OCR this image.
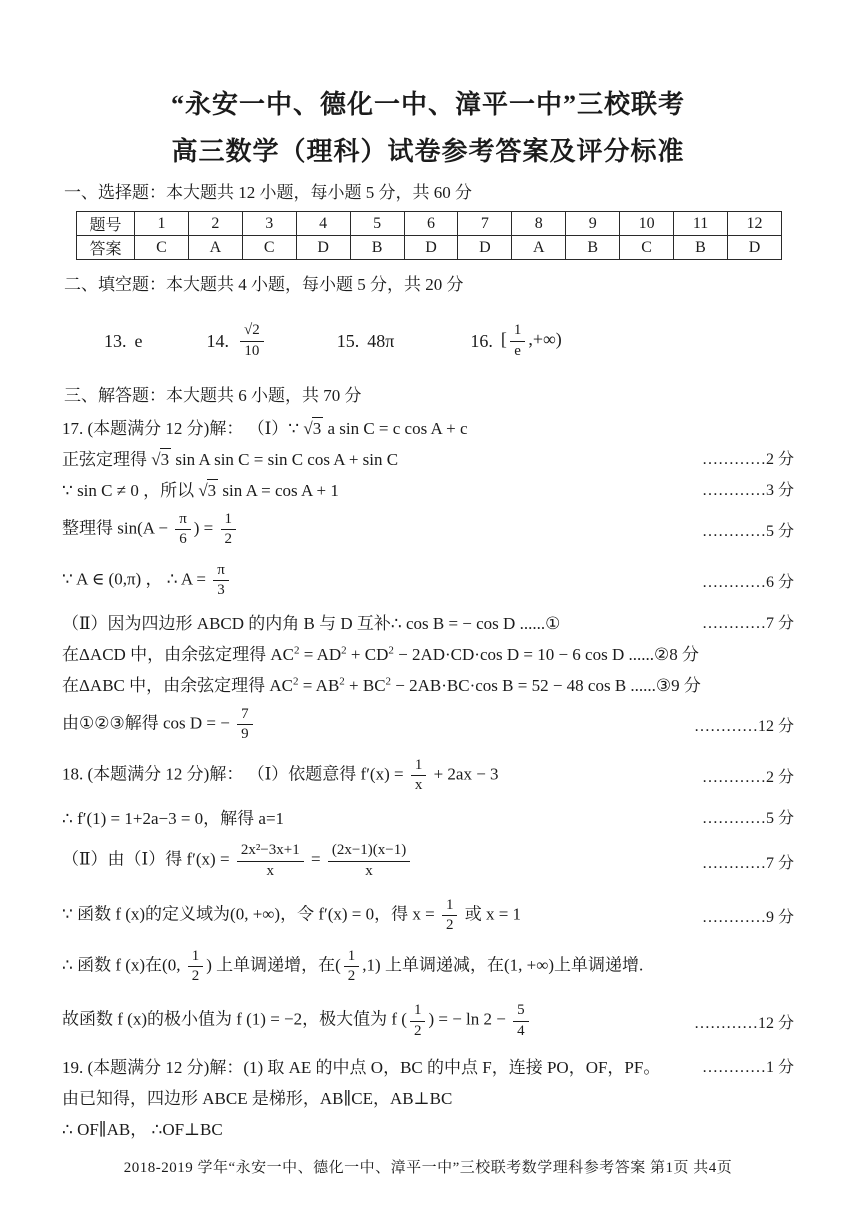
“永安一中、德化一中、漳平一中”三校联考
高三数学（理科）试卷参考答案及评分标准
一、选择题：本大题共 12 小题，每小题 5 分，共 60 分
题号	1	2	3	4	5	6	7	8	9	10	11	12
答案	C	A	C	D	B	D	D	A	B	C	B	D
二、填空题：本大题共 4 小题，每小题 5 分，共 20 分
13. e	14. $\frac{√2}{10}$	15. 48π	16. [ $\frac{1}{e}$ ,+∞)
三、解答题：本大题共 6 小题，共 70 分
17. (本题满分 12 分)解： （Ⅰ）∵ √3 a sin C = c cos A + c
正弦定理得 √3 sin A sin C = sin C cos A + sin C	…………2 分
∵ sin C ≠ 0 ，所以 √3 sin A = cos A + 1	…………3 分
整理得 $\sin(A - \frac{\pi}{6}$ ) = $\frac{1}{2}$	…………5 分
∵ A ∈ (0,π) ， ∴ $A = \frac{\pi}{3}$	…………6 分
（Ⅱ）因为四边形 ABCD 的内角 B 与 D 互补∴ cos B = − cos D ......①	…………7 分
在ΔACD 中，由余弦定理得 $AC^2 = AD^2 + CD^2 - 2AD\cdot CD\cdot\cos$ D = 10 − 6 cos D ......②8 分
在ΔABC 中，由余弦定理得 $AC^2 = AB^2 + BC^2 - 2AB\cdot BC\cdot\cos$ B = 52 − 48 cos B ......③9 分
由①②③解得 cos D = − $\frac{7}{9}$	…………12 分
18. (本题满分 12 分)解： （Ⅰ）依题意得 $f'(x) = \frac{1}{x} + 2ax - 3$	…………2 分
∴ f′(1) = 1+2a−3 = 0，解得 a=1	…………5 分
（Ⅱ）由（Ⅰ）得 $f'(x) = \frac{\text{2x²−3x+1}}{x} = \frac{(2x-1)(x-1)}{x}$	…………7 分
∵ 函数 f (x)的定义域为(0, +∞)，令 f′(x) = 0，得 $x = \frac{1}{2}$ 或 x = 1	…………9 分
∴ 函数 f (x)在(0, $\frac{1}{2}$ ) 上单调递增，在( $\frac{1}{2} ,1$) 上单调递减，在(1, +∞)上单调递增.
故函数 f (x)的极小值为 f (1) = −2，极大值为 f ( $\frac{1}{2}$ ) = − $\ln 2 - \frac{5}{4}$	…………12 分
19. (本题满分 12 分)解：(1) 取 AE 的中点 O，BC 的中点 F，连接 PO，OF，PF。	…………1 分
由已知得，四边形 ABCE 是梯形，AB∥CE，AB⊥BC
∴ OF∥AB， ∴OF⊥BC
2018-2019 学年“永安一中、德化一中、漳平一中”三校联考数学理科参考答案 第1页 共4页
